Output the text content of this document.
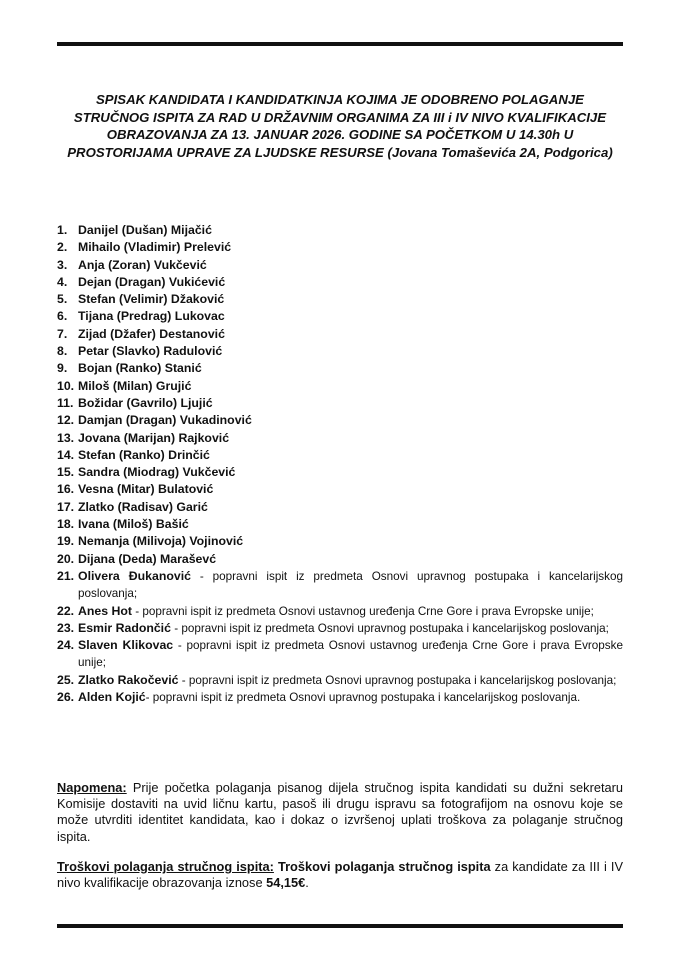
SPISAK KANDIDATA I KANDIDATKINJA KOJIMA JE ODOBRENO POLAGANJE STRUČNOG ISPITA ZA RAD U DRŽAVNIM ORGANIMA ZA III i IV NIVO KVALIFIKACIJE OBRAZOVANJA ZA 13. JANUAR 2026. GODINE SA POČETKOM U 14.30h U PROSTORIJAMA UPRAVE ZA LJUDSKE RESURSE (Jovana Tomaševića 2A, Podgorica)
1. Danijel (Dušan) Mijačić
2. Mihailo (Vladimir) Prelević
3. Anja (Zoran) Vukčević
4. Dejan (Dragan) Vukićević
5. Stefan (Velimir) Džaković
6. Tijana (Predrag) Lukovac
7. Zijad (Džafer) Destanović
8. Petar (Slavko) Radulović
9. Bojan (Ranko) Stanić
10. Miloš (Milan) Grujić
11. Božidar (Gavrilo) Ljujić
12. Damjan (Dragan) Vukadinović
13. Jovana (Marijan) Rajković
14. Stefan (Ranko) Drinčić
15. Sandra (Miodrag) Vukčević
16. Vesna (Mitar) Bulatović
17. Zlatko (Radisav) Garić
18. Ivana (Miloš) Bašić
19. Nemanja (Milivoja) Vojinović
20. Dijana (Deda) Maraševć
21. Olivera Đukanović - popravni ispit iz predmeta Osnovi upravnog postupaka i kancelarijskog poslovanja;
22. Anes Hot - popravni ispit iz predmeta Osnovi ustavnog uređenja Crne Gore i prava Evropske unije;
23. Esmir Radončić - popravni ispit iz predmeta Osnovi upravnog postupaka i kancelarijskog poslovanja;
24. Slaven Klikovac - popravni ispit iz predmeta Osnovi ustavnog uređenja Crne Gore i prava Evropske unije;
25. Zlatko Rakočević - popravni ispit iz predmeta Osnovi upravnog postupaka i kancelarijskog poslovanja;
26. Alden Kojić- popravni ispit iz predmeta Osnovi upravnog postupaka i kancelarijskog poslovanja.

Napomena: Prije početka polaganja pisanog dijela stručnog ispita kandidati su dužni sekretaru Komisije dostaviti na uvid ličnu kartu, pasoš ili drugu ispravu sa fotografijom na osnovu koje se može utvrditi identitet kandidata, kao i dokaz o izvršenoj uplati troškova za polaganje stručnog ispita.

Troškovi polaganja stručnog ispita: Troškovi polaganja stručnog ispita za kandidate za III i IV nivo kvalifikacije obrazovanja iznose 54,15€.
